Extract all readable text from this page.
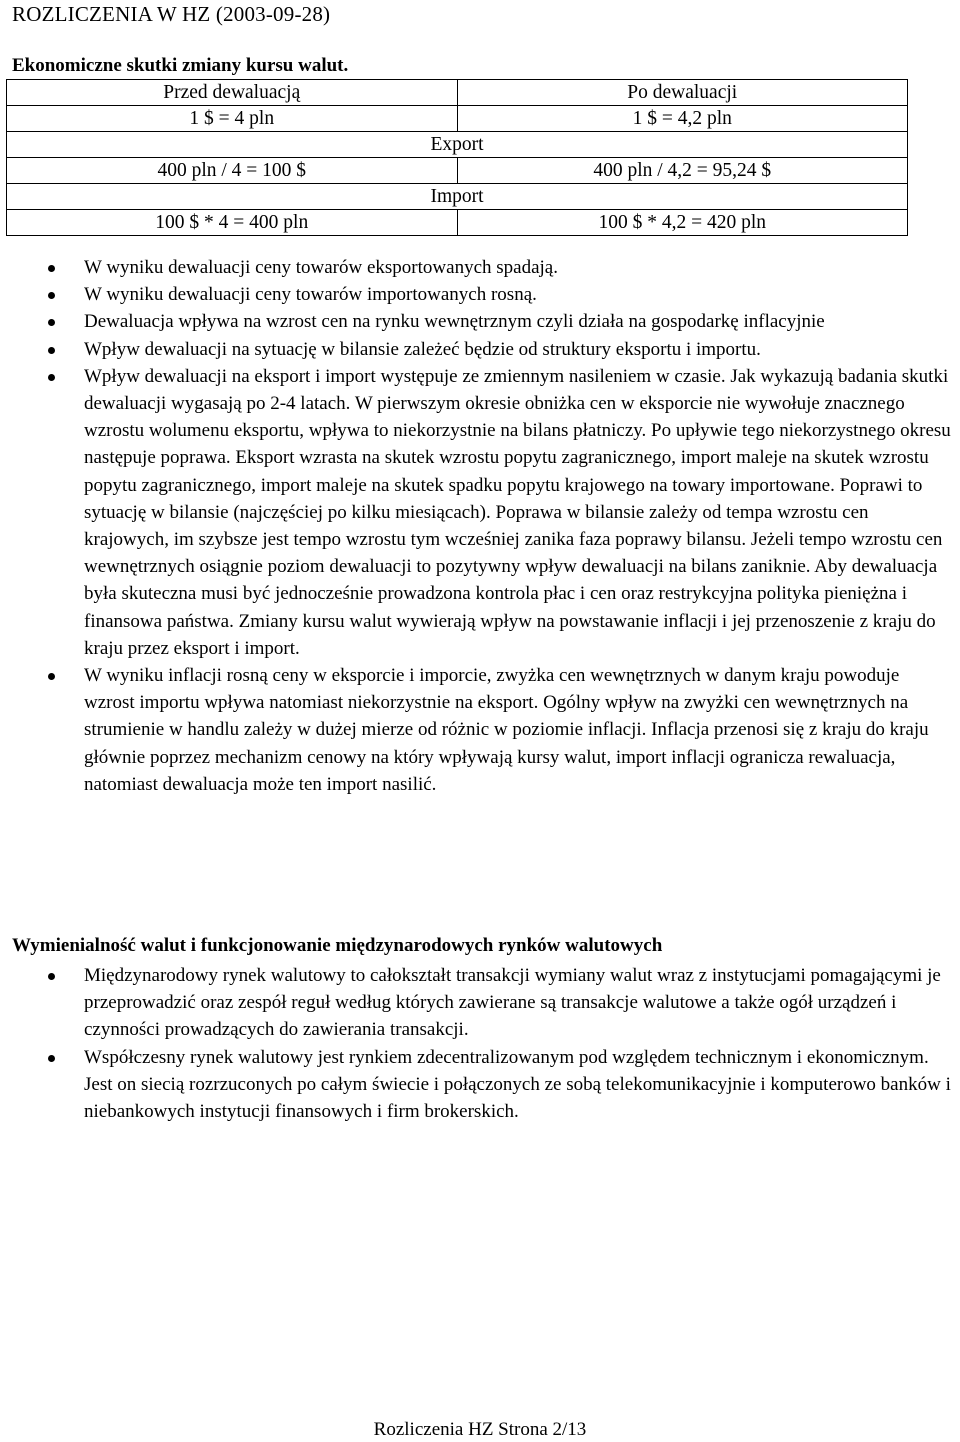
ROZLICZENIA W HZ (2003-09-28)
Ekonomiczne skutki zmiany kursu walut.
Przed dewaluacją	Po dewaluacji
1 $ = 4 pln	1 $ = 4,2 pln
Export	
400 pln / 4 = 100 $	400 pln / 4,2 = 95,24 $
Import	
100 $ * 4 = 400 pln	100 $ * 4,2 = 420 pln
W wyniku dewaluacji ceny towarów eksportowanych spadają.
W wyniku dewaluacji ceny towarów importowanych rosną.
Dewaluacja wpływa na wzrost cen na rynku wewnętrznym czyli działa na gospodarkę inflacyjnie
Wpływ dewaluacji na sytuację w bilansie zależeć będzie od struktury eksportu i importu.
Wpływ dewaluacji na eksport i import występuje ze zmiennym nasileniem w czasie. Jak wykazują badania skutki dewaluacji wygasają po 2-4 latach. W pierwszym okresie obniżka cen w eksporcie nie wywołuje znacznego wzrostu wolumenu eksportu, wpływa to niekorzystnie na bilans płatniczy. Po upływie tego niekorzystnego okresu następuje poprawa. Eksport wzrasta na skutek wzrostu popytu zagranicznego, import maleje na skutek wzrostu popytu zagranicznego, import maleje na skutek spadku popytu krajowego na towary importowane. Poprawi to sytuację w bilansie (najczęściej po kilku miesiącach). Poprawa w bilansie zależy od tempa wzrostu cen krajowych, im szybsze jest tempo wzrostu tym wcześniej zanika faza poprawy bilansu. Jeżeli tempo wzrostu cen wewnętrznych osiągnie poziom dewaluacji to pozytywny wpływ dewaluacji na bilans zaniknie. Aby dewaluacja była skuteczna musi być jednocześnie prowadzona kontrola płac i cen oraz restrykcyjna polityka pieniężna i finansowa państwa. Zmiany kursu walut wywierają wpływ na powstawanie inflacji i jej przenoszenie z kraju do kraju przez eksport i import.
W wyniku inflacji rosną ceny w eksporcie i imporcie, zwyżka cen wewnętrznych w danym kraju powoduje wzrost importu wpływa natomiast niekorzystnie na eksport. Ogólny wpływ na zwyżki cen wewnętrznych na strumienie w handlu zależy w dużej mierze od różnic w poziomie inflacji. Inflacja przenosi się z kraju do kraju głównie poprzez mechanizm cenowy na który wpływają kursy walut, import inflacji ogranicza rewaluacja, natomiast dewaluacja może ten import nasilić.
Wymienialność walut i funkcjonowanie międzynarodowych rynków walutowych
Międzynarodowy rynek walutowy to całokształt transakcji wymiany walut wraz z instytucjami pomagającymi je przeprowadzić oraz zespół reguł według których zawierane są transakcje walutowe a także ogół urządzeń i czynności prowadzących do zawierania transakcji.
Współczesny rynek walutowy jest rynkiem zdecentralizowanym pod względem technicznym i ekonomicznym. Jest on siecią rozrzuconych po całym świecie i połączonych ze sobą telekomunikacyjnie i komputerowo banków i niebankowych instytucji finansowych i firm brokerskich.
Rozliczenia HZ Strona 2/13
